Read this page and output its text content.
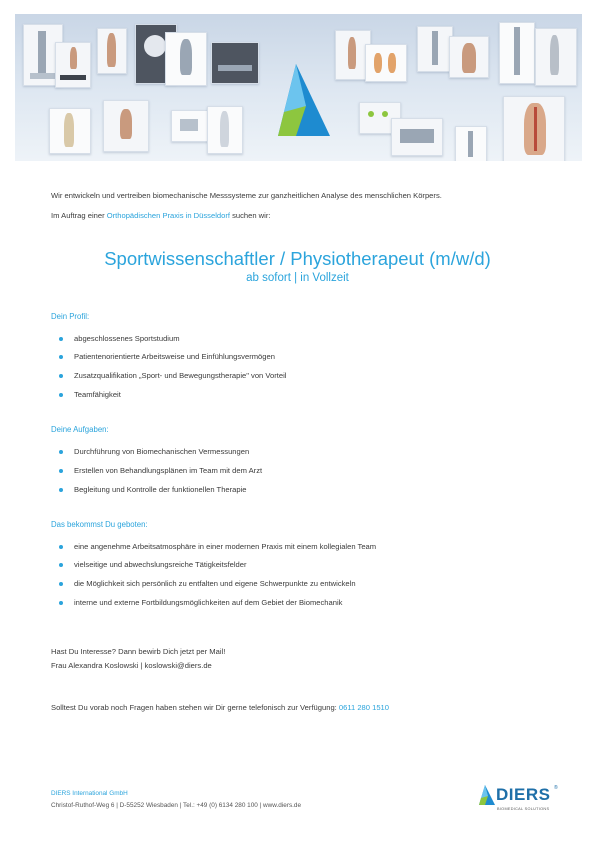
Wir entwickeln und vertreiben biomechanische Messsysteme zur ganzheitlichen Analyse des menschlichen Körpers.
Im Auftrag einer Orthopädischen Praxis in Düsseldorf suchen wir:
Sportwissenschaftler / Physiotherapeut (m/w/d)
ab sofort | in Vollzeit
Dein Profil:
abgeschlossenes Sportstudium
Patientenorientierte Arbeitsweise und Einfühlungsvermögen
Zusatzqualifikation „Sport- und Bewegungstherapie" von Vorteil
Teamfähigkeit
Deine Aufgaben:
Durchführung von Biomechanischen Vermessungen
Erstellen von Behandlungsplänen im Team mit dem Arzt
Begleitung und Kontrolle der funktionellen Therapie
Das bekommst Du geboten:
eine angenehme Arbeitsatmosphäre in einer modernen Praxis mit einem kollegialen Team
vielseitige und abwechslungsreiche Tätigkeitsfelder
die Möglichkeit sich persönlich zu entfalten und eigene Schwerpunkte zu entwickeln
interne und externe Fortbildungsmöglichkeiten auf dem Gebiet der Biomechanik
Hast Du Interesse? Dann bewirb Dich jetzt per Mail!
Frau Alexandra Koslowski | koslowski@diers.de
Solltest Du vorab noch Fragen haben stehen wir Dir gerne telefonisch zur Verfügung: 0611 280 1510
DIERS International GmbH
Christof-Ruthof-Weg 6 | D-55252 Wiesbaden | Tel.: +49 (0) 6134 280 100 | www.diers.de
DIERS ®
BIOMEDICAL SOLUTIONS
